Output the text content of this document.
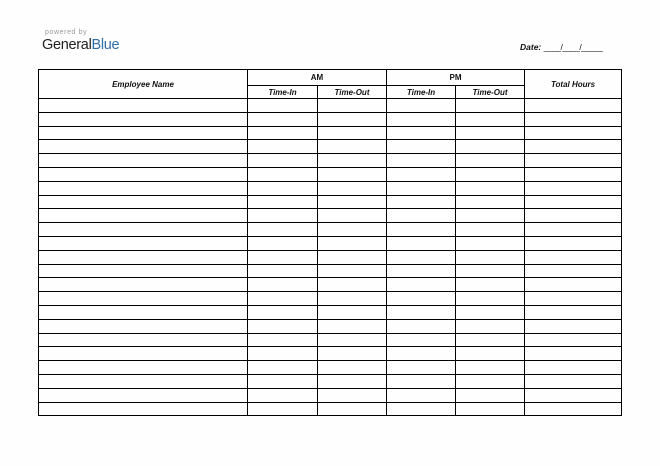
powered by
GeneralBlue	Date: ____/____/_____
Employee Name	AM		PM		Total Hours
	Time-In	Time-Out	Time-In	Time-Out	
